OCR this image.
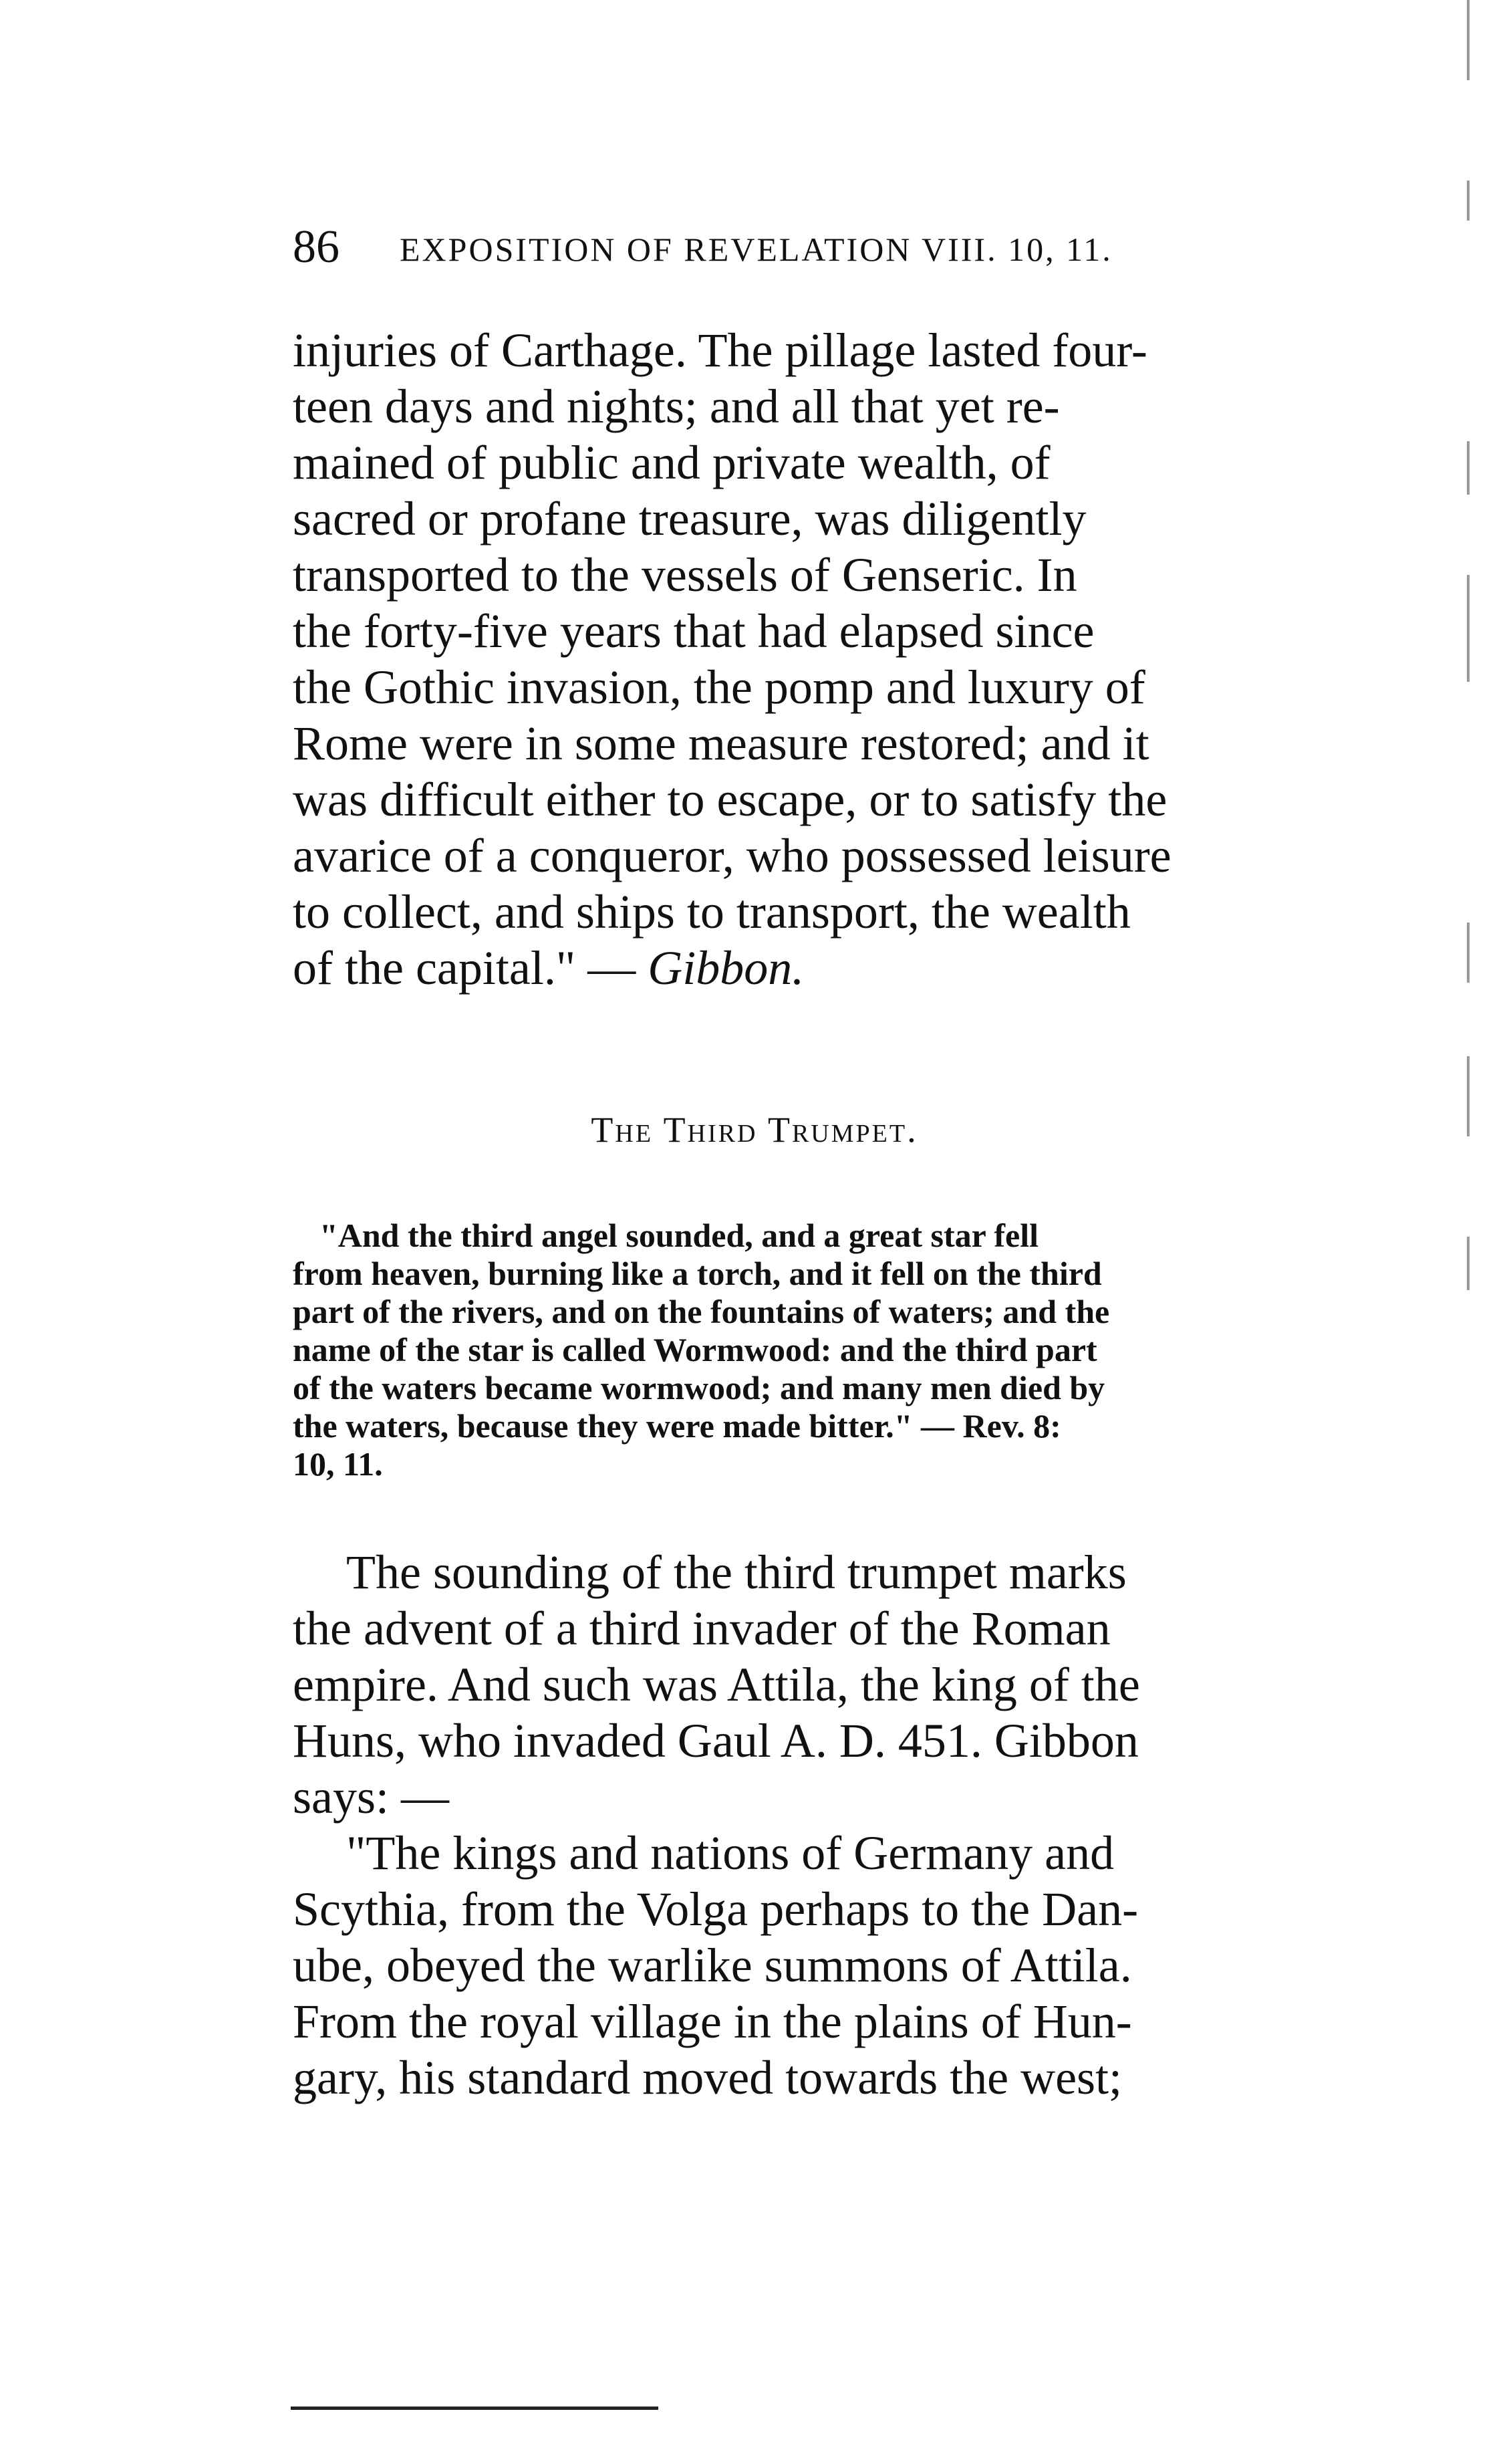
86 EXPOSITION OF REVELATION VIII. 10, 11.
injuries of Carthage. The pillage lasted four-
teen days and nights; and all that yet re-
mained of public and private wealth, of
sacred or profane treasure, was diligently
transported to the vessels of Genseric. In
the forty-five years that had elapsed since
the Gothic invasion, the pomp and luxury of
Rome were in some measure restored; and it
was difficult either to escape, or to satisfy the
avarice of a conqueror, who possessed leisure
to collect, and ships to transport, the wealth
of the capital." — Gibbon.
The Third Trumpet.
"And the third angel sounded, and a great star fell
from heaven, burning like a torch, and it fell on the third
part of the rivers, and on the fountains of waters; and the
name of the star is called Wormwood: and the third part
of the waters became wormwood; and many men died by
the waters, because they were made bitter." — Rev. 8:
10, 11.
The sounding of the third trumpet marks
the advent of a third invader of the Roman
empire. And such was Attila, the king of the
Huns, who invaded Gaul A. D. 451. Gibbon
says: —
"The kings and nations of Germany and
Scythia, from the Volga perhaps to the Dan-
ube, obeyed the warlike summons of Attila.
From the royal village in the plains of Hun-
gary, his standard moved towards the west;
